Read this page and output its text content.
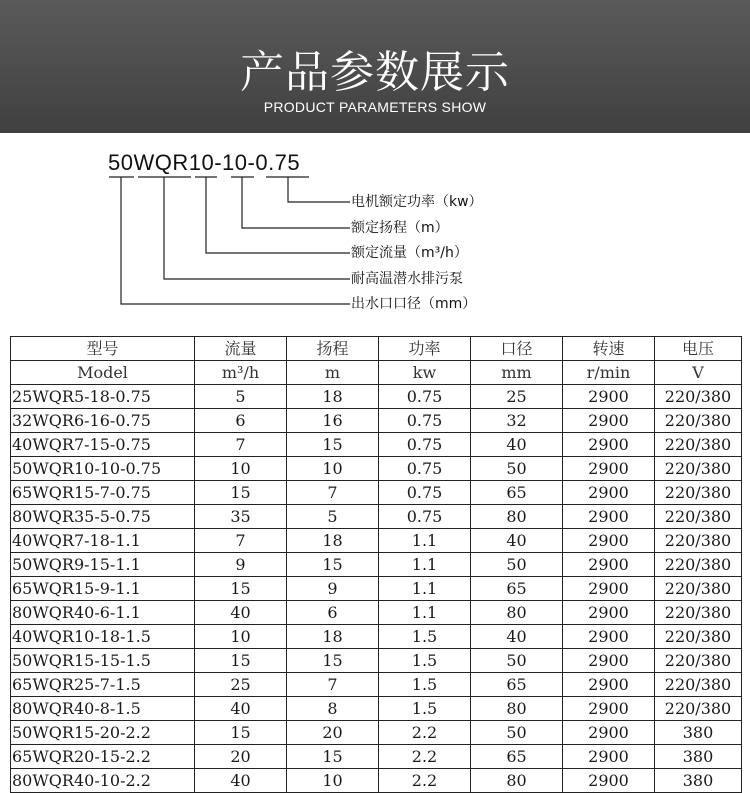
产品参数展示
PRODUCT PARAMETERS SHOW
50WQR10-10-0.75
电机额定功率（kw）
额定扬程（m）
额定流量（m³/h）
耐高温潜水排污泵
出水口口径（mm）
型号	流量	扬程	功率	口径	转速	电压
Model	m³/h	m	kw	mm	r/min	V
25WQR5-18-0.75	5	18	0.75	25	2900	220/380
32WQR6-16-0.75	6	16	0.75	32	2900	220/380
40WQR7-15-0.75	7	15	0.75	40	2900	220/380
50WQR10-10-0.75	10	10	0.75	50	2900	220/380
65WQR15-7-0.75	15	7	0.75	65	2900	220/380
80WQR35-5-0.75	35	5	0.75	80	2900	220/380
40WQR7-18-1.1	7	18	1.1	40	2900	220/380
50WQR9-15-1.1	9	15	1.1	50	2900	220/380
65WQR15-9-1.1	15	9	1.1	65	2900	220/380
80WQR40-6-1.1	40	6	1.1	80	2900	220/380
40WQR10-18-1.5	10	18	1.5	40	2900	220/380
50WQR15-15-1.5	15	15	1.5	50	2900	220/380
65WQR25-7-1.5	25	7	1.5	65	2900	220/380
80WQR40-8-1.5	40	8	1.5	80	2900	220/380
50WQR15-20-2.2	15	20	2.2	50	2900	380
65WQR20-15-2.2	20	15	2.2	65	2900	380
80WQR40-10-2.2	40	10	2.2	80	2900	380
